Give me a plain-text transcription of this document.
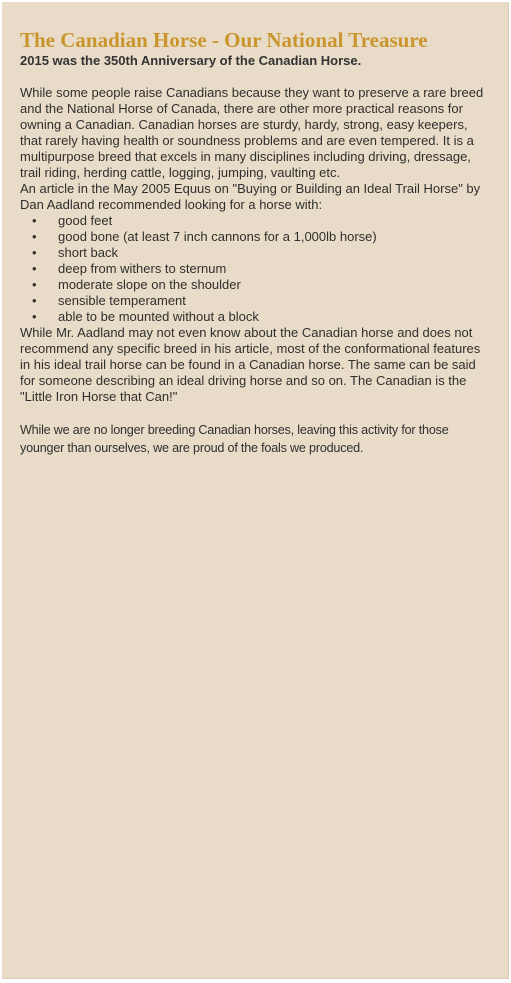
The Canadian Horse - Our National Treasure

2015 was the 350th Anniversary of the Canadian Horse.

While some people raise Canadians because they want to preserve a rare breed and the National Horse of Canada, there are other more practical reasons for owning a Canadian. Canadian horses are sturdy, hardy, strong, easy keepers, that rarely having health or soundness problems and are even tempered. It is a multipurpose breed that excels in many disciplines including driving, dressage, trail riding, herding cattle, logging, jumping, vaulting etc.

An article in the May 2005 Equus on "Buying or Building an Ideal Trail Horse" by Dan Aadland recommended looking for a horse with:

• good feet
• good bone (at least 7 inch cannons for a 1,000lb horse)
• short back
• deep from withers to sternum
• moderate slope on the shoulder
• sensible temperament
• able to be mounted without a block

While Mr. Aadland may not even know about the Canadian horse and does not recommend any specific breed in his article, most of the conformational features in his ideal trail horse can be found in a Canadian horse. The same can be said for someone describing an ideal driving horse and so on. The Canadian is the "Little Iron Horse that Can!"

While we are no longer breeding Canadian horses, leaving this activity for those younger than ourselves, we are proud of the foals we produced.
